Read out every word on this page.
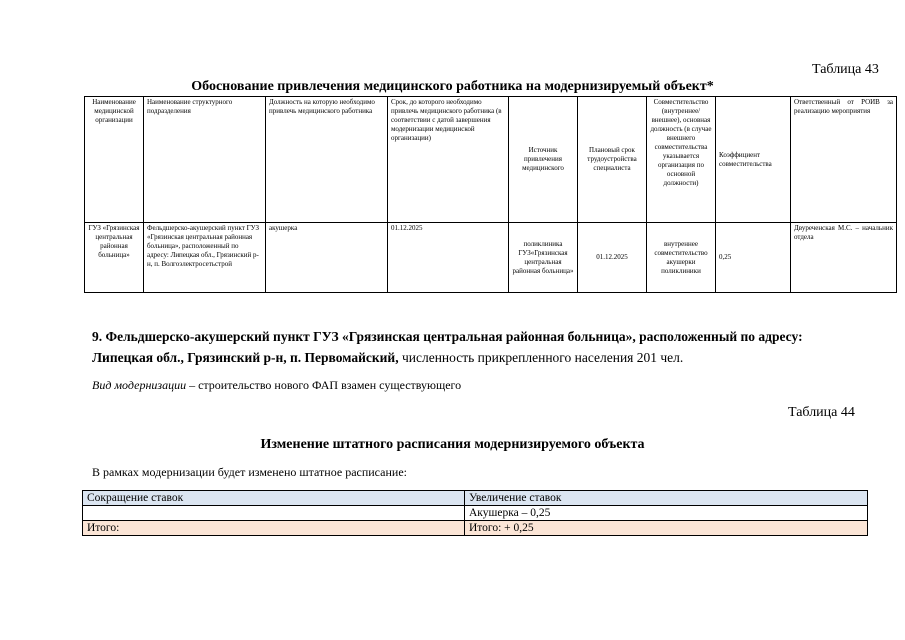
Таблица 43
Обоснование привлечения медицинского работника на модернизируемый объект*
Наименование медицинской организации	Наименование структурного подразделения	Должность на которую необходимо привлечь медицинского работника	Срок, до которого необходимо привлечь медицинского работника (в соответствии с датой завершения модернизации медицинской организации)	Источник привлечения медицинского	Плановый срок трудоустройства специалиста	Совместительство (внутреннее/внешнее), основная должность (в случае внешнего совместительства указывается организация по основной должности)	Коэффициент совместительства	Ответственный от РОИВ за реализацию мероприятия
ГУЗ «Грязинская центральная районная больница»	Фельдшерско-акушерский пункт ГУЗ «Грязинская центральная районная больница», расположенный по адресу: Липецкая обл., Грязинский р-н, п. Волгоэлектросетьстрой	акушерка	01.12.2025	поликлиника ГУЗ«Грязинская центральная районная больница»	01.12.2025	внутреннее совместительство акушерки поликлиники	0,25	Двуреченская М.С. – начальник отдела
9. Фельдшерско-акушерский пункт ГУЗ «Грязинская центральная районная больница», расположенный по адресу: Липецкая обл., Грязинский р-н, п. Первомайский, численность прикрепленного населения 201 чел.
Вид модернизации – строительство нового ФАП взамен существующего
Таблица 44
Изменение штатного расписания модернизируемого объекта
В рамках модернизации будет изменено штатное расписание:
Сокращение ставок	Увеличение ставок
	Акушерка – 0,25
Итого:	Итого: + 0,25
